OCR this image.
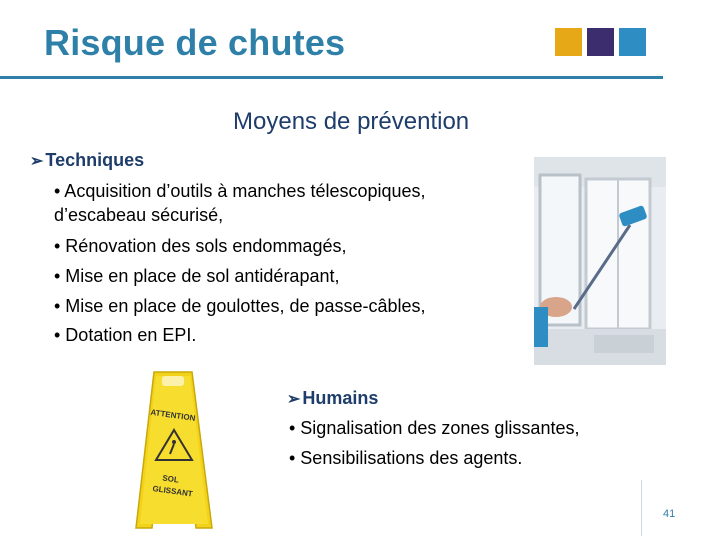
Risque de chutes
Moyens de prévention
➢ Techniques
• Acquisition d’outils à manches télescopiques,
d’escabeau sécurisé,
• Rénovation des sols endommagés,
• Mise en place de sol antidérapant,
• Mise en place de goulottes, de passe-câbles,
• Dotation en EPI.
ATTENTION
SOL
GLISSANT
➢ Humains
• Signalisation des zones glissantes,
• Sensibilisations des agents.
41
